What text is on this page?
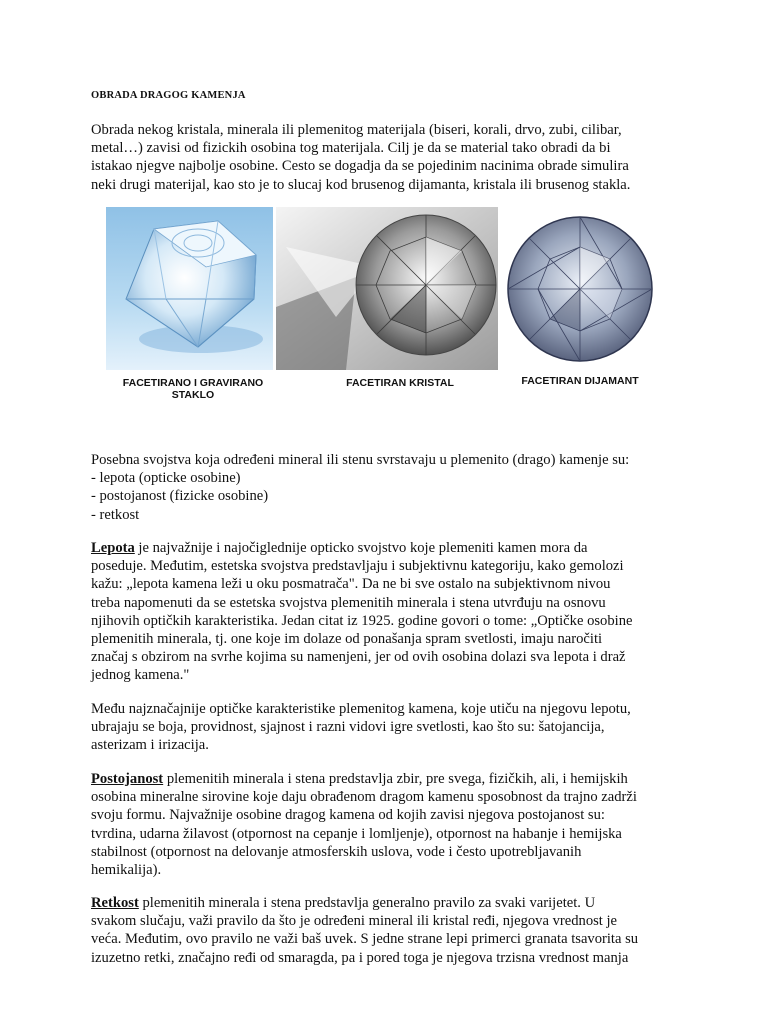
OBRADA DRAGOG KAMENJA

Obrada nekog kristala, minerala ili plemenitog materijala (biseri, korali, drvo, zubi, cilibar,
metal…) zavisi od fizickih osobina tog materijala. Cilj je da se material tako obradi da bi
istakao njegve najbolje osobine. Cesto se dogadja da se pojedinim nacinima obrade simulira
neki drugi materijal, kao sto je to slucaj kod brusenog dijamanta, kristala ili brusenog stakla.

FACETIRANO I GRAVIRANO
STAKLO
FACETIRAN KRISTAL	FACETIRAN DIJAMANT

Posebna svojstva koja određeni mineral ili stenu svrstavaju u plemenito (drago) kamenje su:
- lepota (opticke osobine)
- postojanost (fizicke osobine)
- retkost

Lepota je najvažnije i najočiglednije opticko svojstvo koje plemeniti kamen mora da
poseduje. Međutim, estetska svojstva predstavljaju i subjektivnu kategoriju, kako gemolozi
kažu: „lepota kamena leži u oku posmatrača". Da ne bi sve ostalo na subjektivnom nivou
treba napomenuti da se estetska svojstva plemenitih minerala i stena utvrđuju na osnovu
njihovih optičkih karakteristika. Jedan citat iz 1925. godine govori o tome: „Optičke osobine
plemenitih minerala, tj. one koje im dolaze od ponašanja spram svetlosti, imaju naročiti
značaj s obzirom na svrhe kojima su namenjeni, jer od ovih osobina dolazi sva lepota i draž
jednog kamena."

Među najznačajnije optičke karakteristike plemenitog kamena, koje utiču na njegovu lepotu,
ubrajaju se boja, providnost, sjajnost i razni vidovi igre svetlosti, kao što su: šatojancija,
asterizam i irizacija.

Postojanost plemenitih minerala i stena predstavlja zbir, pre svega, fizičkih, ali, i hemijskih
osobina mineralne sirovine koje daju obrađenom dragom kamenu sposobnost da trajno zadrži
svoju formu. Najvažnije osobine dragog kamena od kojih zavisi njegova postojanost su:
tvrdina, udarna žilavost (otpornost na cepanje i lomljenje), otpornost na habanje i hemijska
stabilnost (otpornost na delovanje atmosferskih uslova, vode i često upotrebljavanih
hemikalija).

Retkost plemenitih minerala i stena predstavlja generalno pravilo za svaki varijetet. U
svakom slučaju, važi pravilo da što je određeni mineral ili kristal ređi, njegova vrednost je
veća. Međutim, ovo pravilo ne važi baš uvek. S jedne strane lepi primerci granata tsavorita su
izuzetno retki, značajno ređi od smaragda, pa i pored toga je njegova trzisna vrednost manja
